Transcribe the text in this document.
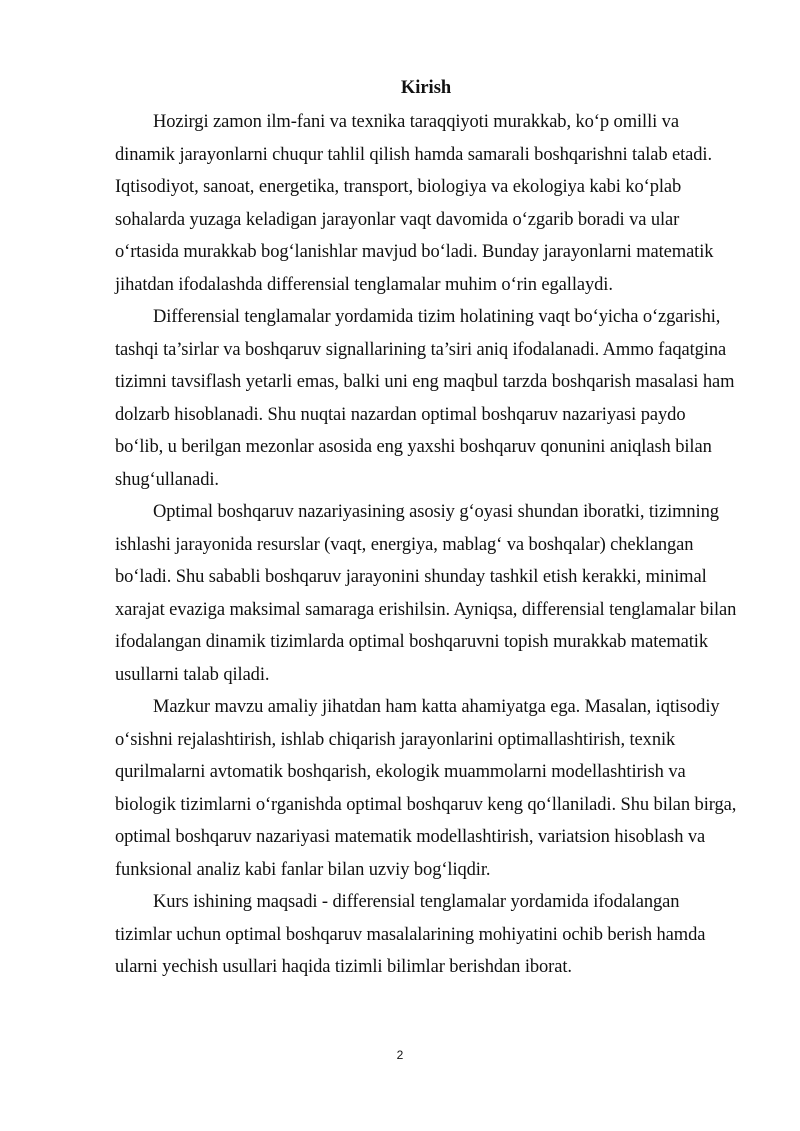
Kirish

Hozirgi zamon ilm-fani va texnika taraqqiyoti murakkab, ko‘p omilli va dinamik jarayonlarni chuqur tahlil qilish hamda samarali boshqarishni talab etadi. Iqtisodiyot, sanoat, energetika, transport, biologiya va ekologiya kabi ko‘plab sohalarda yuzaga keladigan jarayonlar vaqt davomida o‘zgarib boradi va ular o‘rtasida murakkab bog‘lanishlar mavjud bo‘ladi. Bunday jarayonlarni matematik jihatdan ifodalashda differensial tenglamalar muhim o‘rin egallaydi.

Differensial tenglamalar yordamida tizim holatining vaqt bo‘yicha o‘zgarishi, tashqi ta’sirlar va boshqaruv signallarining ta’siri aniq ifodalanadi. Ammo faqatgina tizimni tavsiflash yetarli emas, balki uni eng maqbul tarzda boshqarish masalasi ham dolzarb hisoblanadi. Shu nuqtai nazardan optimal boshqaruv nazariyasi paydo bo‘lib, u berilgan mezonlar asosida eng yaxshi boshqaruv qonunini aniqlash bilan shug‘ullanadi.

Optimal boshqaruv nazariyasining asosiy g‘oyasi shundan iboratki, tizimning ishlashi jarayonida resurslar (vaqt, energiya, mablag‘ va boshqalar) cheklangan bo‘ladi. Shu sababli boshqaruv jarayonini shunday tashkil etish kerakki, minimal xarajat evaziga maksimal samaraga erishilsin. Ayniqsa, differensial tenglamalar bilan ifodalangan dinamik tizimlarda optimal boshqaruvni topish murakkab matematik usullarni talab qiladi.

Mazkur mavzu amaliy jihatdan ham katta ahamiyatga ega. Masalan, iqtisodiy o‘sishni rejalashtirish, ishlab chiqarish jarayonlarini optimallashtirish, texnik qurilmalarni avtomatik boshqarish, ekologik muammolarni modellashtirish va biologik tizimlarni o‘rganishda optimal boshqaruv keng qo‘llaniladi. Shu bilan birga, optimal boshqaruv nazariyasi matematik modellashtirish, variatsion hisoblash va funksional analiz kabi fanlar bilan uzviy bog‘liqdir.

Kurs ishining maqsadi - differensial tenglamalar yordamida ifodalangan tizimlar uchun optimal boshqaruv masalalarining mohiyatini ochib berish hamda ularni yechish usullari haqida tizimli bilimlar berishdan iborat.

2
